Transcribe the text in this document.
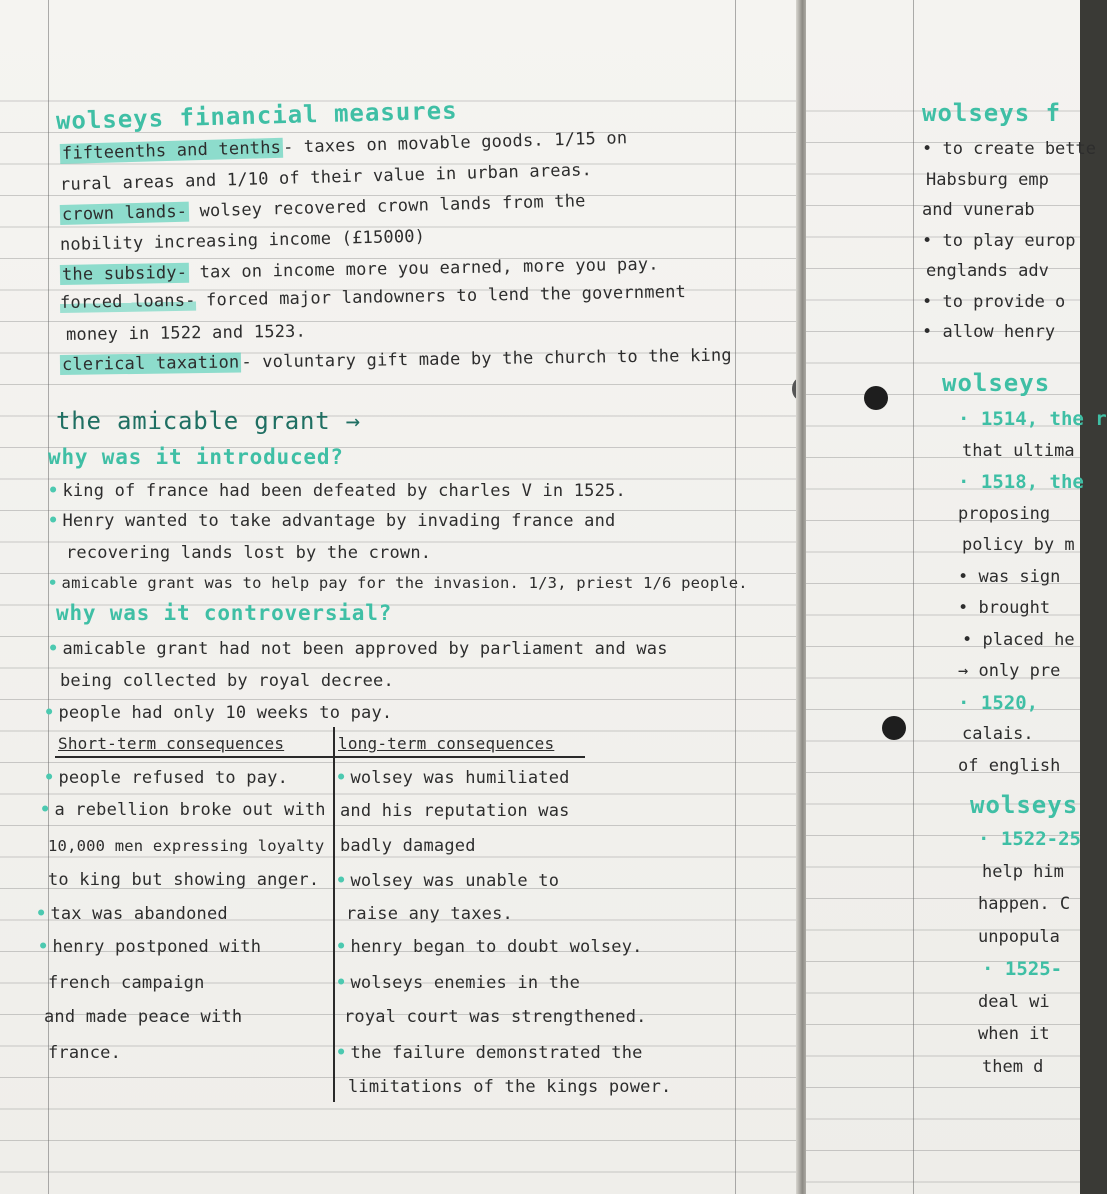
wolseys financial measures
fifteenths and tenths- taxes on movable goods. 1/15 on
rural areas and 1/10 of their value in urban areas.
crown lands- wolsey recovered crown lands from the
nobility increasing income (£15000)
the subsidy- tax on income more you earned, more you pay.
forced loans- forced major landowners to lend the government
money in 1522 and 1523.
clerical taxation - voluntary gift made by the church to the king
the amicable grant →
why was it introduced?
• king of france had been defeated by charles V in 1525.
• Henry wanted to take advantage by invading france and
recovering lands lost by the crown.
• amicable grant was to help pay for the invasion. 1/3, priest 1/6 people.
why was it controversial?
• amicable grant had not been approved by parliament and was
being collected by royal decree.
• people had only 10 weeks to pay.
Short-term consequences	long-term consequences
• people refused to pay.
• a rebellion broke out with
10,000 men expressing loyalty
to king but showing anger.
• tax was abandoned
• henry postponed with
french campaign
and made peace with
france.
• wolsey was humiliated
and his reputation was
badly damaged
• wolsey was unable to
raise any taxes.
• henry began to doubt wolsey.
• wolseys enemies in the
royal court was strengthened.
• the failure demonstrated the
limitations of the kings power.
wolseys f
• to create bette
Habsburg emp
and vunerab
• to play europ
englands adv
• to provide o
• allow henry
wolseys
· 1514, the r
that ultima
· 1518, the
proposing
policy by m
• was sign
• brought
• placed he
→ only pre
· 1520,
calais.
of english
wolseys
· 1522-25
help him
happen. C
unpopula
· 1525-
deal wi
when it
them d
